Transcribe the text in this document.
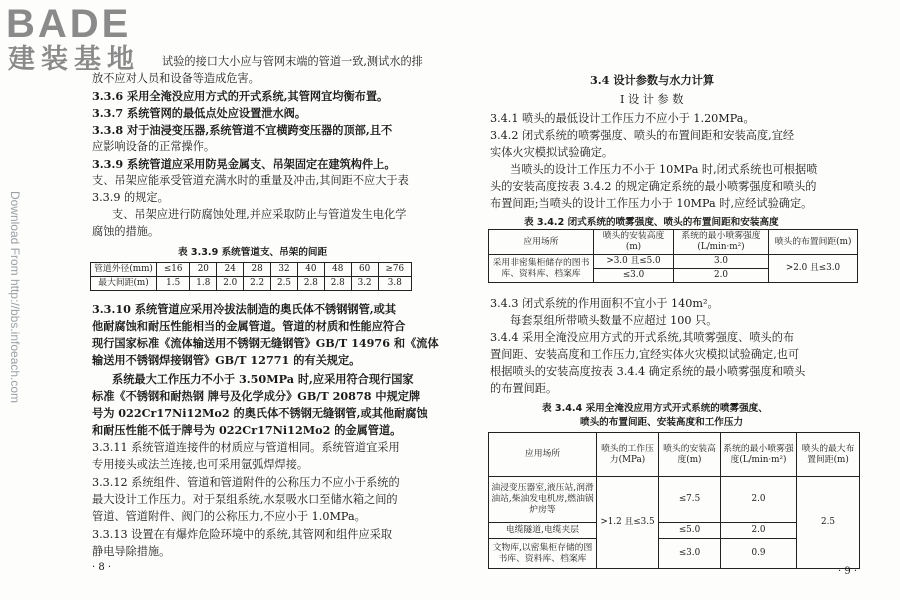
BADE
建装基地
Download From http://bbs.infoeach.com
试验的接口大小应与管网末端的管道一致,测试水的排
放不应对人员和设备等造成危害。
3.3.6 采用全淹没应用方式的开式系统,其管网宜均衡布置。
3.3.7 系统管网的最低点处应设置泄水阀。
3.3.8 对于油浸变压器,系统管道不宜横跨变压器的顶部,且不
应影响设备的正常操作。
3.3.9 系统管道应采用防晃金属支、吊架固定在建筑构件上。
支、吊架应能承受管道充满水时的重量及冲击,其间距不应大于表
3.3.9 的规定。
支、吊架应进行防腐蚀处理,并应采取防止与管道发生电化学
腐蚀的措施。
表 3.3.9 系统管道支、吊架的间距
管道外径(mm)	≤16	20	24	28	32	40	48	60	≥76
最大间距(m)	1.5	1.8	2.0	2.2	2.5	2.8	2.8	3.2	3.8
3.3.10 系统管道应采用冷拔法制造的奥氏体不锈钢钢管,或其
他耐腐蚀和耐压性能相当的金属管道。管道的材质和性能应符合
现行国家标准《流体输送用不锈钢无缝钢管》GB/T 14976 和《流体
输送用不锈钢焊接钢管》GB/T 12771 的有关规定。
系统最大工作压力不小于 3.50MPa 时,应采用符合现行国家
标准《不锈钢和耐热钢 牌号及化学成分》GB/T 20878 中规定牌
号为 022Cr17Ni12Mo2 的奥氏体不锈钢无缝钢管,或其他耐腐蚀
和耐压性能不低于牌号为 022Cr17Ni12Mo2 的金属管道。
3.3.11 系统管道连接件的材质应与管道相同。系统管道宜采用
专用接头或法兰连接,也可采用氩弧焊焊接。
3.3.12 系统组件、管道和管道附件的公称压力不应小于系统的
最大设计工作压力。对于泵组系统,水泵吸水口至储水箱之间的
管道、管道附件、阀门的公称压力,不应小于 1.0MPa。
3.3.13 设置在有爆炸危险环境中的系统,其管网和组件应采取
静电导除措施。
· 8 ·
3.4 设计参数与水力计算
Ⅰ 设 计 参 数
3.4.1 喷头的最低设计工作压力不应小于 1.20MPa。
3.4.2 闭式系统的喷雾强度、喷头的布置间距和安装高度,宜经
实体火灾模拟试验确定。
当喷头的设计工作压力不小于 10MPa 时,闭式系统也可根据喷
头的安装高度按表 3.4.2 的规定确定系统的最小喷雾强度和喷头的
布置间距;当喷头的设计工作压力小于 10MPa 时,应经试验确定。
表 3.4.2 闭式系统的喷雾强度、喷头的布置间距和安装高度
应用场所	喷头的安装高度(m)	系统的最小喷雾强度(L/min·m²)	喷头的布置间距(m)
采用非密集柜储存的图书库、资料库、档案库	>3.0 且≤5.0	3.0	>2.0 且≤3.0
	≤3.0	2.0	
3.4.3 闭式系统的作用面积不宜小于 140m²。
每套泵组所带喷头数量不应超过 100 只。
3.4.4 采用全淹没应用方式的开式系统,其喷雾强度、喷头的布
置间距、安装高度和工作压力,宜经实体火灾模拟试验确定,也可
根据喷头的安装高度按表 3.4.4 确定系统的最小喷雾强度和喷头
的布置间距。
表 3.4.4 采用全淹没应用方式开式系统的喷雾强度、
喷头的布置间距、安装高度和工作压力
应用场所	喷头的工作压力(MPa)	喷头的安装高度(m)	系统的最小喷雾强度(L/min·m²)	喷头的最大布置间距(m)
油浸变压器室,液压站,润滑油站,柴油发电机房,燃油锅炉房等	>1.2 且≤3.5	≤7.5	2.0	2.5
电缆隧道,电缆夹层		≤5.0	2.0	
文物库,以密集柜存储的图书库、资料库、档案库		≤3.0	0.9	
· 9 ·
